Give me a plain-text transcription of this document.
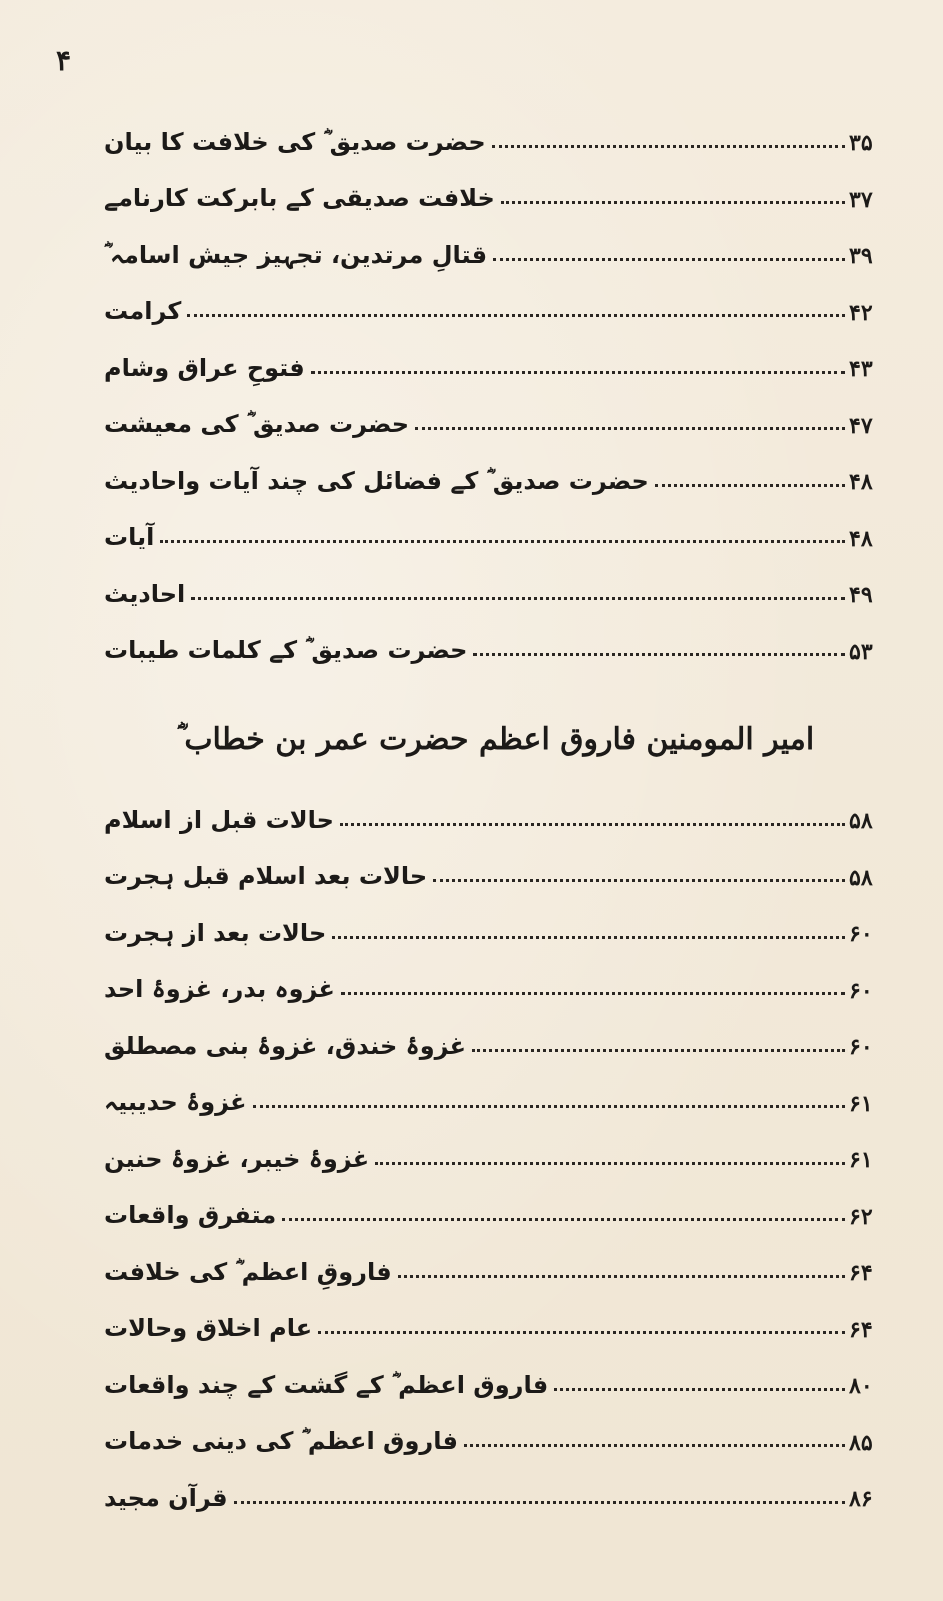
۴
حضرت صدیق ؓ کی خلافت کا بیان	۳۵
خلافت صدیقی کے بابرکت کارنامے	۳۷
قتالِ مرتدین، تجہیز جیش اسامہ ؓ	۳۹
کرامت	۴۲
فتوحِ عراق وشام	۴۳
حضرت صدیق ؓ کی معیشت	۴۷
حضرت صدیق ؓ کے فضائل کی چند آیات واحادیث	۴۸
آیات	۴۸
احادیث	۴۹
حضرت صدیق ؓ کے کلمات طیبات	۵۳
امیر المومنین فاروق اعظم حضرت عمر بن خطاب ؓ
حالات قبل از اسلام	۵۸
حالات بعد اسلام قبل ہجرت	۵۸
حالات بعد از ہجرت	۶۰
غزوہ بدر، غزوۂ احد	۶۰
غزوۂ خندق، غزوۂ بنی مصطلق	۶۰
غزوۂ حدیبیہ	۶۱
غزوۂ خیبر، غزوۂ حنین	۶۱
متفرق واقعات	۶۲
فاروقِ اعظم ؓ کی خلافت	۶۴
عام اخلاق وحالات	۶۴
فاروق اعظم ؓ کے گشت کے چند واقعات	۸۰
فاروق اعظم ؓ کی دینی خدمات	۸۵
قرآن مجید	۸۶
